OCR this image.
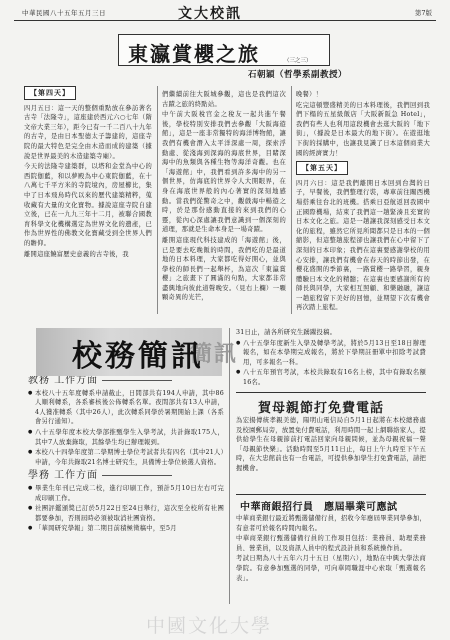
中華民國八十五年五月三日	文大校訊	第7版
東瀛賞櫻之旅	（三之三）
石朝穎（哲學系副教授）
【第四天】

四月五日：這一天的整個重點放在參訪著名古寺「法隆寺」，這座建於西元六○七年（隋文帝大業三年），距今已有一千二百八十九年的古寺，是由日本聖德太子籌建的，這座寺院的最大特色是完全由木造而成的建築（據說是世界最美的木造建築寺廟）。

今天的法隆寺建築群，以塔和金堂為中心的西院伽藍，和以夢殿為中心東院伽藍，在十八萬七千平方米的寺院境內，房屋櫛比，集中了日本飛鳥時代以來的歷代建築精粹，蒐收藏有大量的文化寶物。據說這座寺院自建立後，已在一九九三年十二月，被聯合國教育科學文化機構選定為世界文化的遺產，已作為世界性的佛教文化寶藏受到全世界人們的瞻仰。

離開這座饒富歷史意義的古寺後，我

們繼續前往大阪城參觀，這也是我們這次古蹟之旅的終點站。

中午前大阪稅官金之稅友一起共進午餐後，學校特別安排我們去參觀「大阪海遊館」，這是一座非常獨特的海洋博物館，讓我們有機會潛入太平洋深處一周，探索浮動處、從淺海到深海的海底世界，目睹深海中的魚類與各種生物等海洋奇觀。也在「海遊館」中，我們看到許多海中的另一個世界，仿海底的世界令人大開眼界，在身在海底世界般的內心著實的深刻地感動。當我們從驚奇之中，觀戲海中暢遊之時，於是那份感動直接的來到我們的心靈，從內心深處讓我們意識到一個深刻的道理，那就是生命本身是一場奇蹟。

離開這座現代科技建成的「海遊館」後，已是要去吃晚飯的時間，我們吃的是最道地的日本料理，大家都吃得好開心，並與學校的師長們一起舉杯，為這次「東瀛賞櫻」之旅畫下了圓滿的句點，大家都非常盡興地向彼此道聲晚安。（見右上欄）一顆顆奇異的光芒，

晚餐）！

吃完這頓豐盛精美的日本料理後，我們回到我們下榻的五星級飯店「大阪新阪急 Hotel」，我們有些人也利用這段機會去逛大阪的「地下街」，（據說是日本最大的地下街）。在遊逛地下街的採購中，也讓我見識了日本這個商業大國的經濟實力！

【第五天】

四月六日：這是我們離開日本回到台灣的日子，早餐後，我們整理行裝，專車前往關西機場搭乘往台北的班機。搭乘日亞航返回我國中正國際機場，結束了我們這一趟緊湊且充實的日本文化之旅。這是一趟讓我深刻感受日本文化的旅程，雖然它所見所聞都只是日本的一個縮影，但這整趟旅程卻也讓我們在心中留下了深刻的日本印象；我們在這裏要感謝學校的用心安排，讓我們有機會在春天的時節出發，在櫻花盛開的季節裏，一路賞櫻一路學習，親身體驗日本文化的精髓；在這裏也要感謝所有的師長與同學，大家相互照顧、和樂融融，讓這一趟旅程留下美好的回憶，並期望下次有機會再次踏上旅程。

簡訊
校務簡訊
教務 工作方面
● 本校八十五年度轉系申請截止，日間部共有194人申請，其中86人順利轉系，各系審核後公佈轉系名單。夜間部共有13人申請，4人獲准轉系（其中26人），此次轉系同學於暑期開始上課（各系會另行通知）。
● 八十五學年度本校大學部推甄學生入學考試，共計錄取175人，其中7人放棄錄取，其餘學生均已辦理報到。
● 本校八十四學年度第二學期博士學位考試者共有四名（其中21人）申請，今年共錄取21名博士研究生，具備博士學位候選人資格。
學務 工作方面
● 畢業生年刊已完成二校，進行印刷工作，預計5月10日左右可完成印刷工作。
● 社團評鑑頒獎已訂於5月22日至24日舉行，這次至全校所有社團都要參加，否則屆時必須被取消社團資格。
● 「華岡研究學報」第二期目前積極徵稿中，至5月

31日止，請各所研究生踴躍投稿。

● 八十五學年度新生入學及轉學考試，將於5月13日至18日辦理報名，如在本學期完成報名，將於下學期註冊單中扣除考試費用，可多報名一科。
● 八十五年預官考試，本校共錄取有16名上榜，其中有錄取名額16名。
賀母親節打免費電話

為宏揚傳統孝親美德，陽明山電信局自5月1日起將在本校總務處及校園郵局旁，放置免付費電話，利用時間一起上網聯絡家人，提供給學生在母親節前打電話回家向母親問候，並為母親祝福一聲「母親節快樂」。活動時間至5月11日止，每日上午九時至下午五時，在大忠館前也有一台電話，可提供參加學生打免費電話，請把握機會。

中華商銀招行員　應屆畢業可應試

中華商業銀行最近將甄選儲備行員，招收今年應屆畢業同學參加，有意者可於報名時間內報名。

中華商業銀行甄選儲備行員的工作項目包括：業務員、助理業務員、營業員，以及資訊人員中的程式設計員和系統操作員。

考試日期為八十五年六月十五日（星期六），地點在中興大學法商學院。有意參加甄選的同學，可向華岡職涯中心索取「甄選報名表」。

中國文化大學
